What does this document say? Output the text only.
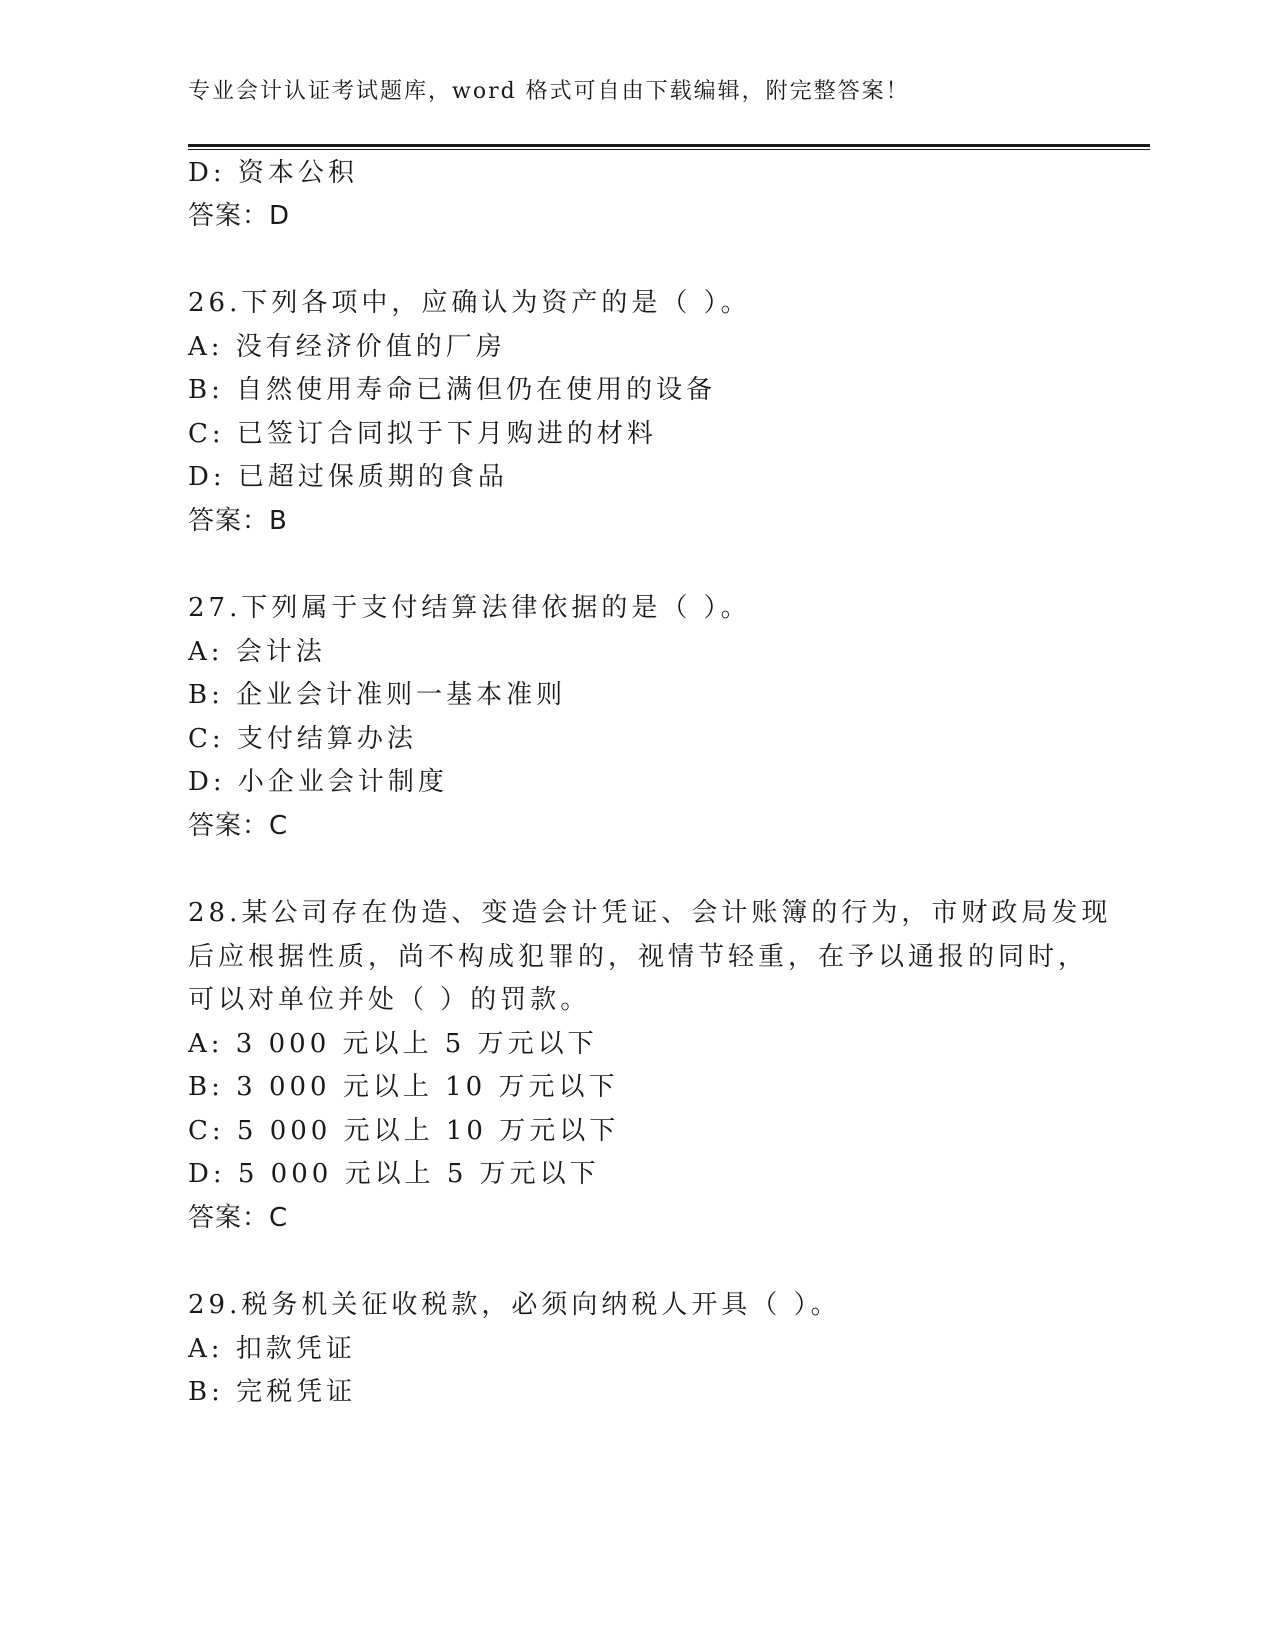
专业会计认证考试题库，word 格式可自由下载编辑，附完整答案！
D: 资本公积
答案：D
26.下列各项中，应确认为资产的是（ ）。
A: 没有经济价值的厂房
B: 自然使用寿命已满但仍在使用的设备
C: 已签订合同拟于下月购进的材料
D: 已超过保质期的食品
答案：B
27.下列属于支付结算法律依据的是（ ）。
A: 会计法
B: 企业会计准则一基本准则
C: 支付结算办法
D: 小企业会计制度
答案：C
28.某公司存在伪造、变造会计凭证、会计账簿的行为，市财政局发现
后应根据性质，尚不构成犯罪的，视情节轻重，在予以通报的同时，
可以对单位并处（ ）的罚款。
A: 3 000 元以上 5 万元以下
B: 3 000 元以上 10 万元以下
C: 5 000 元以上 10 万元以下
D: 5 000 元以上 5 万元以下
答案：C
29.税务机关征收税款，必须向纳税人开具（ ）。
A: 扣款凭证
B: 完税凭证
